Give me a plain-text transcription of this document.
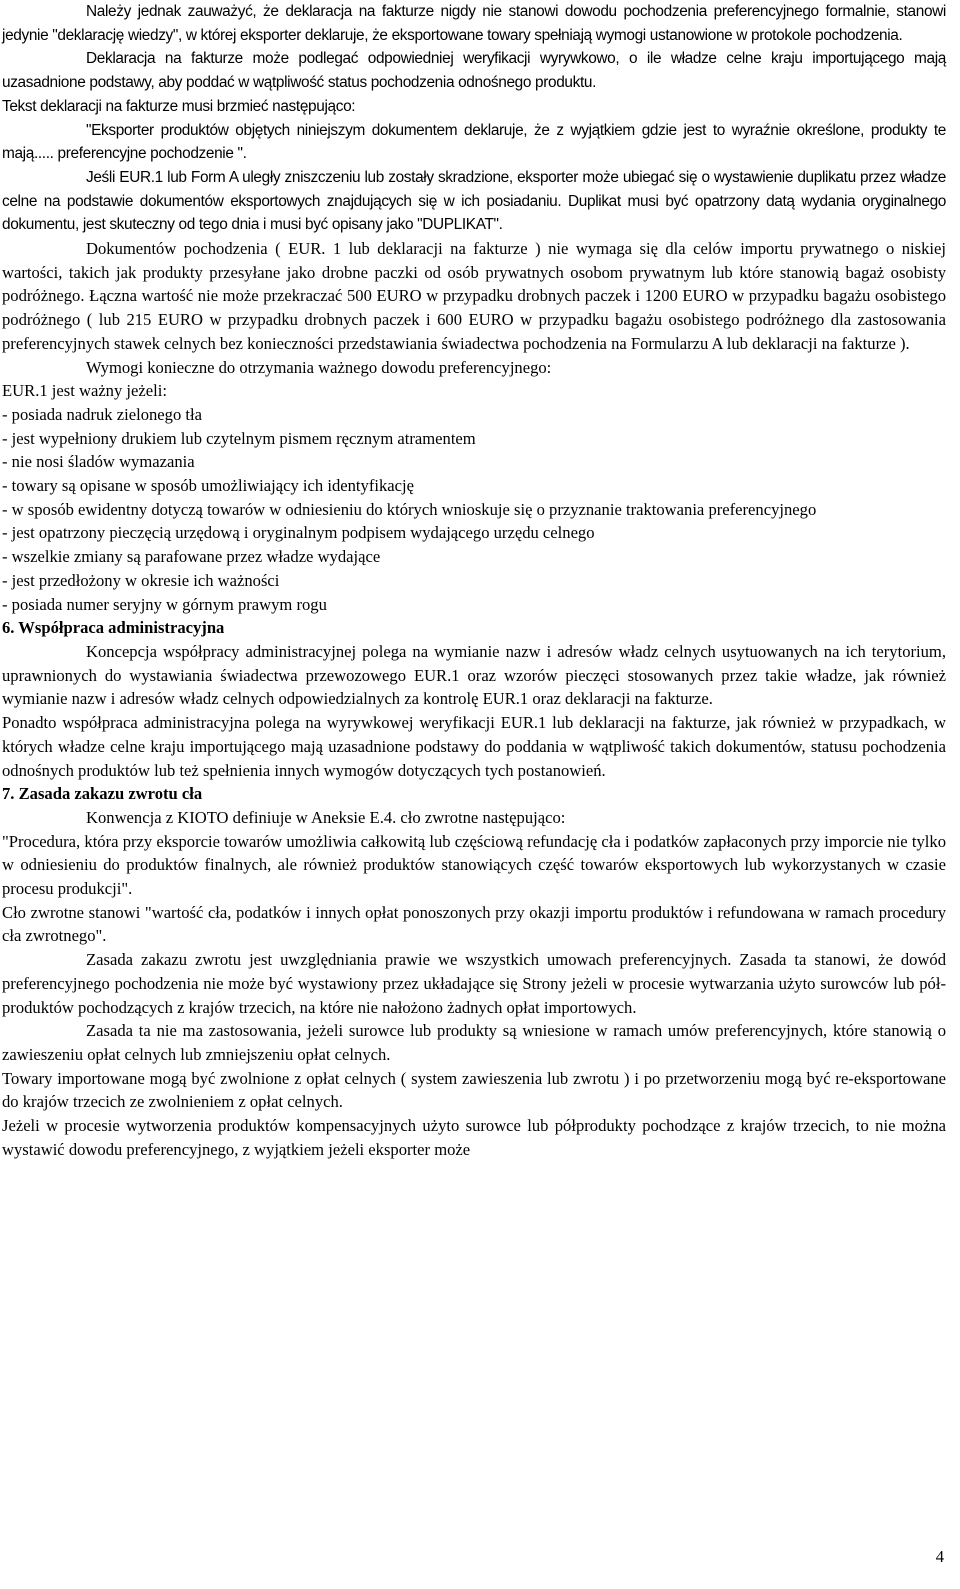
Należy jednak zauważyć, że deklaracja na fakturze nigdy nie stanowi dowodu pochodzenia preferencyjnego formalnie, stanowi jedynie "deklarację wiedzy", w której eksporter deklaruje, że eksportowane towary spełniają wymogi ustanowione w protokole pochodzenia.

Deklaracja na fakturze może podlegać odpowiedniej weryfikacji wyrywkowo, o ile władze celne kraju importującego mają uzasadnione podstawy, aby poddać w wątpliwość status pochodzenia odnośnego produktu.

Tekst deklaracji na fakturze musi brzmieć następująco:

"Eksporter produktów objętych niniejszym dokumentem deklaruje, że z wyjątkiem gdzie jest to wyraźnie określone, produkty te mają..... preferencyjne pochodzenie ".

Jeśli EUR.1 lub Form A uległy zniszczeniu lub zostały skradzione, eksporter może ubiegać się o wystawienie duplikatu przez władze celne na podstawie dokumentów eksportowych znajdujących się w ich posiadaniu. Duplikat musi być opatrzony datą wydania oryginalnego dokumentu, jest skuteczny od tego dnia i musi być opisany jako "DUPLIKAT".

Dokumentów pochodzenia ( EUR. 1 lub deklaracji na fakturze ) nie wymaga się dla celów importu prywatnego o niskiej wartości, takich jak produkty przesyłane jako drobne paczki od osób prywatnych osobom prywatnym lub które stanowią bagaż osobisty podróżnego. Łączna wartość nie może przekraczać 500 EURO w przypadku drobnych paczek i 1200 EURO w przypadku bagażu osobistego podróżnego ( lub 215 EURO w przypadku drobnych paczek i 600 EURO w przypadku bagażu osobistego podróżnego dla zastosowania preferencyjnych stawek celnych bez konieczności przedstawiania świadectwa pochodzenia na Formularzu A lub deklaracji na fakturze ).

Wymogi konieczne do otrzymania ważnego dowodu preferencyjnego:

EUR.1 jest ważny jeżeli:

- posiada nadruk zielonego tła

- jest wypełniony drukiem lub czytelnym pismem ręcznym atramentem

- nie nosi śladów wymazania

- towary są opisane w sposób umożliwiający ich identyfikację

- w sposób ewidentny dotyczą towarów w odniesieniu do których wnioskuje się o przyznanie traktowania preferencyjnego

- jest opatrzony pieczęcią urzędową i oryginalnym podpisem wydającego urzędu celnego

- wszelkie zmiany są parafowane przez władze wydające

- jest przedłożony w okresie ich ważności

- posiada numer seryjny w górnym prawym rogu

6. Współpraca administracyjna

Koncepcja współpracy administracyjnej polega na wymianie nazw i adresów władz celnych usytuowanych na ich terytorium, uprawnionych do wystawiania świadectwa przewozowego EUR.1 oraz wzorów pieczęci stosowanych przez takie władze, jak również wymianie nazw i adresów władz celnych odpowiedzialnych za kontrolę EUR.1 oraz deklaracji na fakturze.

Ponadto współpraca administracyjna polega na wyrywkowej weryfikacji EUR.1 lub deklaracji na fakturze, jak również w przypadkach, w których władze celne kraju importującego mają uzasadnione podstawy do poddania w wątpliwość takich dokumentów, statusu pochodzenia odnośnych produktów lub też spełnienia innych wymogów dotyczących tych postanowień.

7. Zasada zakazu zwrotu cła

Konwencja z KIOTO definiuje w Aneksie E.4. cło zwrotne następująco:

"Procedura, która przy eksporcie towarów umożliwia całkowitą lub częściową refundację cła i podatków zapłaconych przy imporcie nie tylko w odniesieniu do produktów finalnych, ale również produktów stanowiących część towarów eksportowych lub wykorzystanych w czasie procesu produkcji".

Cło zwrotne stanowi "wartość cła, podatków i innych opłat ponoszonych przy okazji importu produktów i refundowana w ramach procedury cła zwrotnego".

Zasada zakazu zwrotu jest uwzględniania prawie we wszystkich umowach preferencyjnych. Zasada ta stanowi, że dowód preferencyjnego pochodzenia nie może być wystawiony przez układające się Strony jeżeli w procesie wytwarzania użyto surowców lub pół-produktów pochodzących z krajów trzecich, na które nie nałożono żadnych opłat importowych.

Zasada ta nie ma zastosowania, jeżeli surowce lub produkty są wniesione w ramach umów preferencyjnych, które stanowią o zawieszeniu opłat celnych lub zmniejszeniu opłat celnych.

Towary importowane mogą być zwolnione z opłat celnych ( system zawieszenia lub zwrotu ) i po przetworzeniu mogą być re-eksportowane do krajów trzecich ze zwolnieniem z opłat celnych.

Jeżeli w procesie wytworzenia produktów kompensacyjnych użyto surowce lub półprodukty pochodzące z krajów trzecich, to nie można wystawić dowodu preferencyjnego, z wyjątkiem jeżeli eksporter może

4
